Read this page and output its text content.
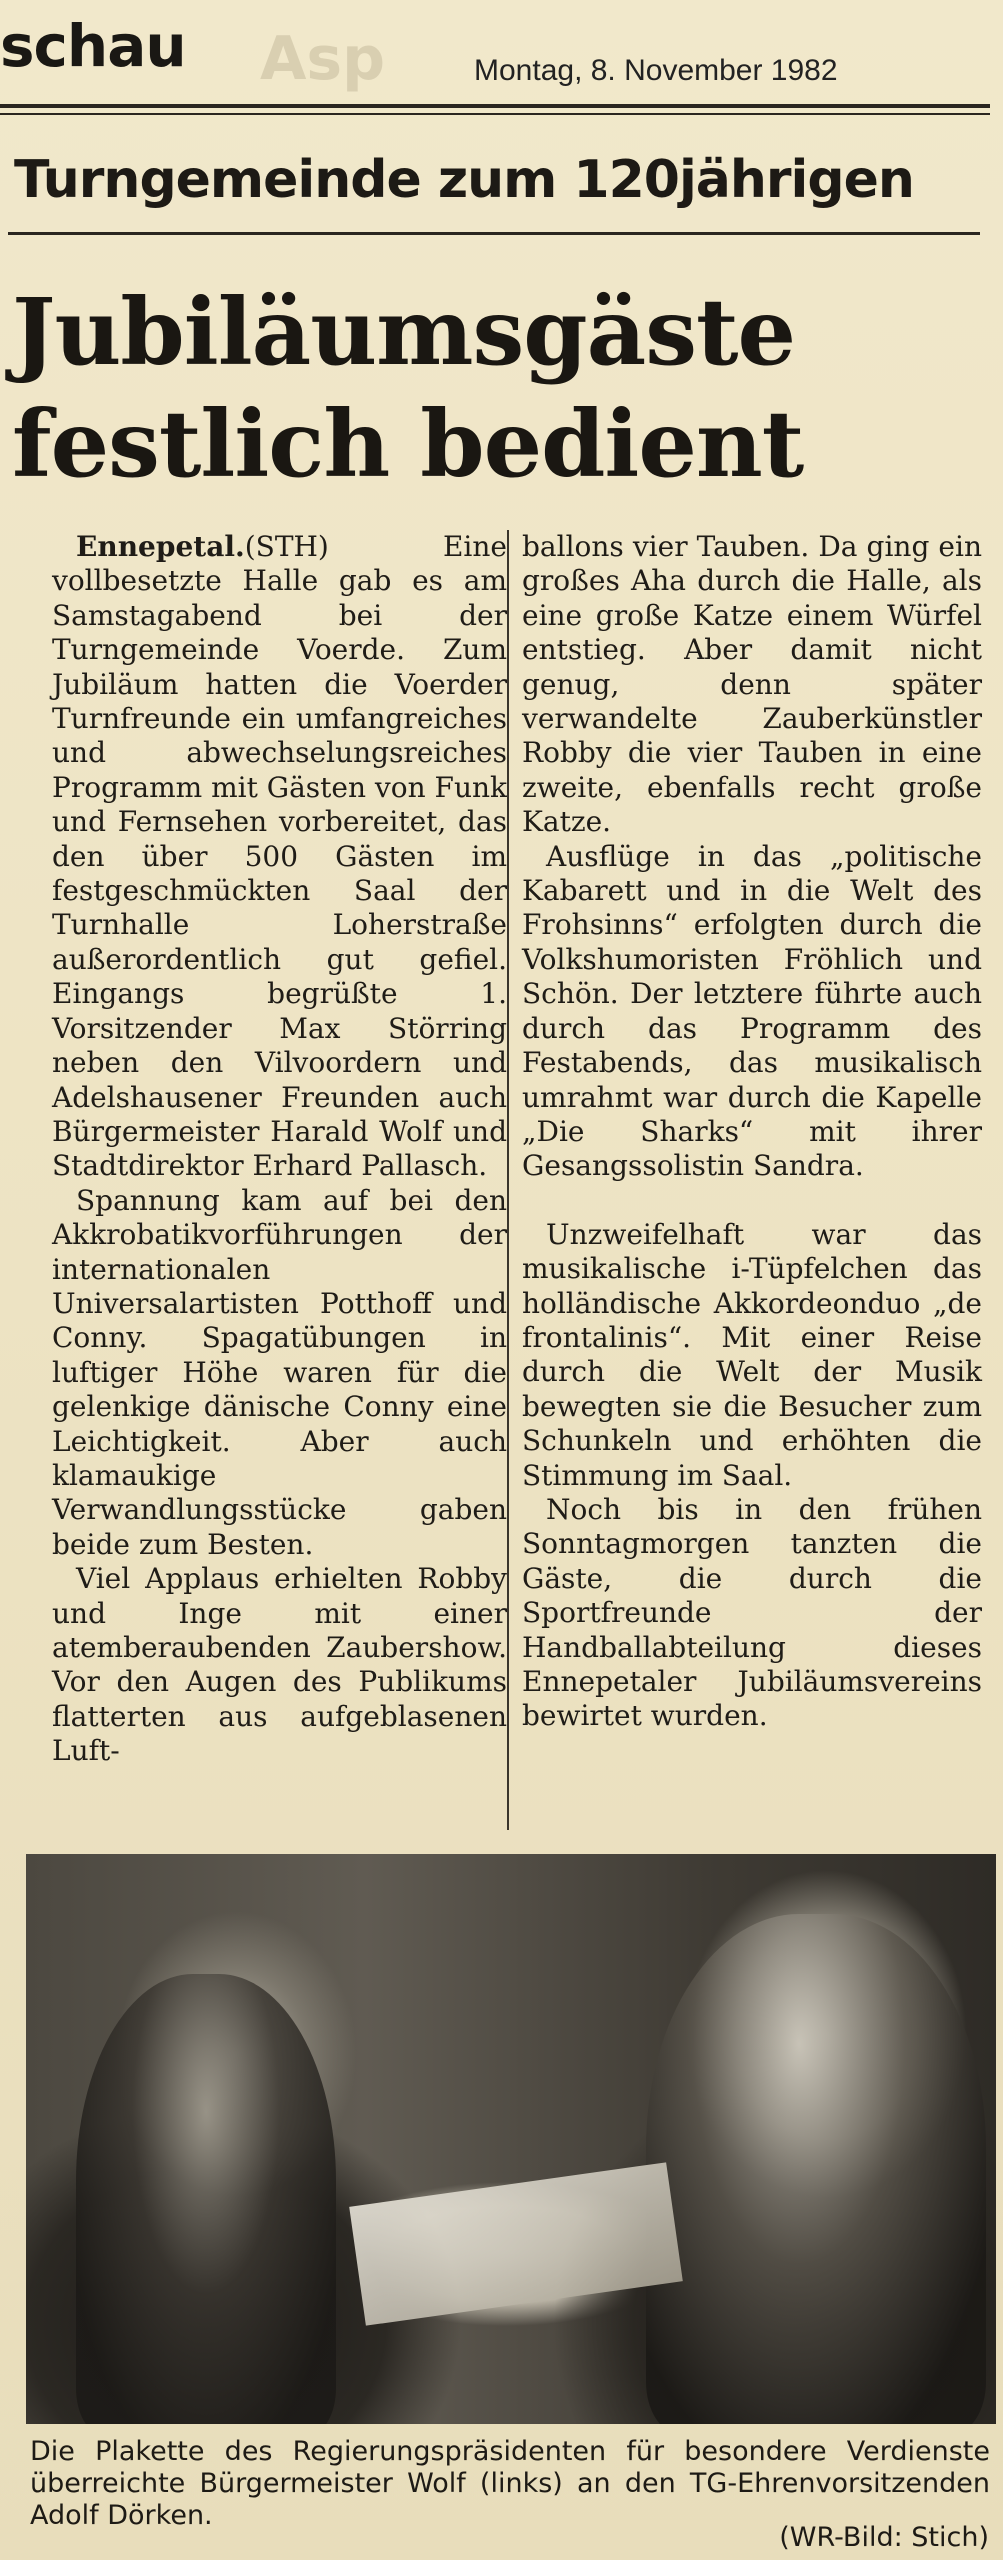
schau Asp	Montag, 8. November 1982
Turngemeinde zum 120jährigen
Jubiläumsgäste
festlich bedient

Ennepetal.(STH) Eine vollbesetzte Halle gab es am Samstagabend bei der Turngemeinde Voerde. Zum Jubiläum hatten die Voerder Turnfreunde ein umfangreiches und abwechselungsreiches Programm mit Gästen von Funk und Fernsehen vorbereitet, das den über 500 Gästen im festgeschmückten Saal der Turnhalle Loherstraße außerordentlich gut gefiel. Eingangs begrüßte 1. Vorsitzender Max Störring neben den Vilvoordern und Adelshausener Freunden auch Bürgermeister Harald Wolf und Stadtdirektor Erhard Pallasch.

Spannung kam auf bei den Akkrobatikvorführungen der internationalen Universalartisten Potthoff und Conny. Spagatübungen in luftiger Höhe waren für die gelenkige dänische Conny eine Leichtigkeit. Aber auch klamaukige Verwandlungsstücke gaben beide zum Besten.

Viel Applaus erhielten Robby und Inge mit einer atemberaubenden Zaubershow. Vor den Augen des Publikums flatterten aus aufgeblasenen Luft-

ballons vier Tauben. Da ging ein großes Aha durch die Halle, als eine große Katze einem Würfel entstieg. Aber damit nicht genug, denn später verwandelte Zauberkünstler Robby die vier Tauben in eine zweite, ebenfalls recht große Katze.

Ausflüge in das „politische Kabarett und in die Welt des Frohsinns“ erfolgten durch die Volkshumoristen Fröhlich und Schön. Der letztere führte auch durch das Programm des Festabends, das musikalisch umrahmt war durch die Kapelle „Die Sharks“ mit ihrer Gesangssolistin Sandra.

Unzweifelhaft war das musikalische i-Tüpfelchen das holländische Akkordeonduo „de frontalinis“. Mit einer Reise durch die Welt der Musik bewegten sie die Besucher zum Schunkeln und erhöhten die Stimmung im Saal.

Noch bis in den frühen Sonntagmorgen tanzten die Gäste, die durch die Sportfreunde der Handballabteilung dieses Ennepetaler Jubiläumsvereins bewirtet wurden.

Die Plakette des Regierungspräsidenten für besondere Verdienste überreichte Bürgermeister Wolf (links) an den TG-Ehrenvorsitzenden Adolf Dörken.
(WR-Bild: Stich)
